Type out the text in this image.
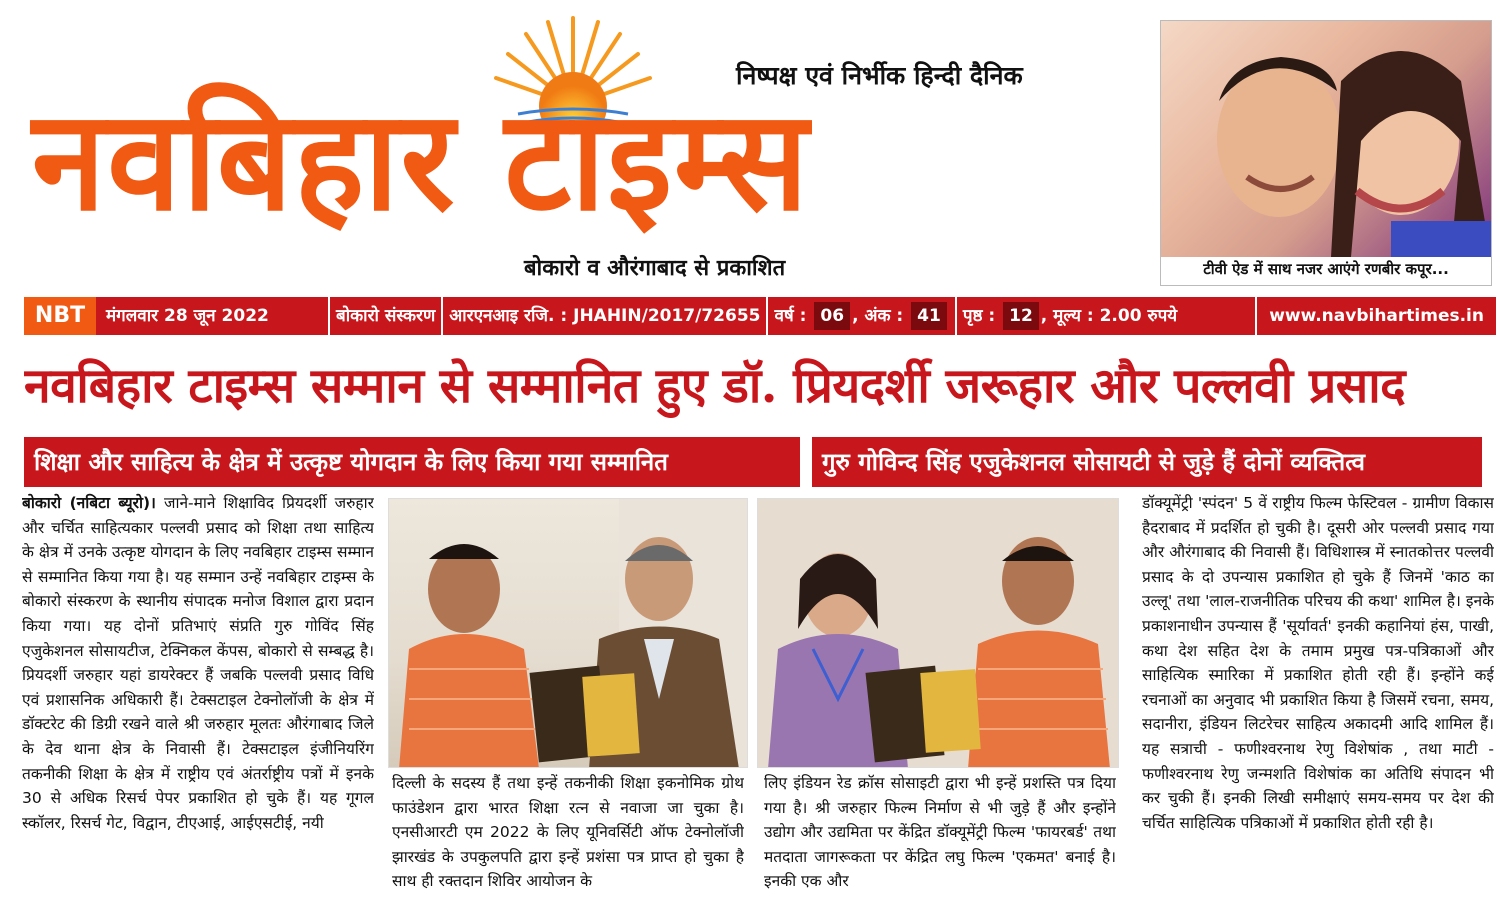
निष्पक्ष एवं निर्भीक हिन्दी दैनिक
नवबिहार टाइम्स
बोकारो व औरंगाबाद से प्रकाशित	टीवी ऐड में साथ नजर आएंगे रणबीर कपूर...
NBT	मंगलवार 28 जून 2022	बोकारो संस्करण आरएनआइ रजि. : JHAHIN/2017/72655 वर्ष : 06 , अंक : 41	पृष्ठ : 12 , मूल्य : 2.00 रुपये	www.navbihartimes.in
नवबिहार टाइम्स सम्मान से सम्मानित हुए डॉ. प्रियदर्शी जरूहार और पल्लवी प्रसाद
शिक्षा और साहित्य के क्षेत्र में उत्कृष्ट योगदान के लिए किया गया सम्मानित	गुरु गोविन्द सिंह एजुकेशनल सोसायटी से जुड़े हैं दोनों व्यक्तित्व
बोकारो (नबिटा ब्यूरो)। जाने-माने शिक्षाविद प्रियदर्शी जरुहार और चर्चित साहित्यकार पल्लवी प्रसाद को शिक्षा तथा साहित्य के क्षेत्र में उनके उत्कृष्ट योगदान के लिए नवबिहार टाइम्स सम्मान से सम्मानित किया गया है। यह सम्मान उन्हें नवबिहार टाइम्स के बोकारो संस्करण के स्थानीय संपादक मनोज विशाल द्वारा प्रदान किया गया। यह दोनों प्रतिभाएं संप्रति गुरु गोविंद सिंह एजुकेशनल सोसायटीज, टेक्निकल केंपस, बोकारो से सम्बद्ध है। प्रियदर्शी जरुहार यहां डायरेक्टर हैं जबकि पल्लवी प्रसाद विधि एवं प्रशासनिक अधिकारी हैं। टेक्सटाइल टेक्नोलॉजी के क्षेत्र में डॉक्टरेट की डिग्री रखने वाले श्री जरुहार मूलतः औरंगाबाद जिले के देव थाना क्षेत्र के निवासी हैं। टेक्सटाइल इंजीनियरिंग तकनीकी शिक्षा के क्षेत्र में राष्ट्रीय एवं अंतर्राष्ट्रीय पत्रों में इनके 30 से अधिक रिसर्च पेपर प्रकाशित हो चुके हैं। यह गूगल स्कॉलर, रिसर्च गेट, विद्वान, टीएआई, आईएसटीई, नयी
दिल्ली के सदस्य हैं तथा इन्हें तकनीकी शिक्षा इकनोमिक ग्रोथ फाउंडेशन द्वारा भारत शिक्षा रत्न से नवाजा जा चुका है। एनसीआरटी एम 2022 के लिए यूनिवर्सिटी ऑफ टेक्नोलॉजी झारखंड के उपकुलपति द्वारा इन्हें प्रशंसा पत्र प्राप्त हो चुका है साथ ही रक्तदान शिविर आयोजन के
लिए इंडियन रेड क्रॉस सोसाइटी द्वारा भी इन्हें प्रशस्ति पत्र दिया गया है। श्री जरुहार फिल्म निर्माण से भी जुड़े हैं और इन्होंने उद्योग और उद्यमिता पर केंद्रित डॉक्यूमेंट्री फिल्म 'फायरबर्ड' तथा मतदाता जागरूकता पर केंद्रित लघु फिल्म 'एकमत' बनाई है। इनकी एक और
डॉक्यूमेंट्री 'स्पंदन' 5 वें राष्ट्रीय फिल्म फेस्टिवल - ग्रामीण विकास हैदराबाद में प्रदर्शित हो चुकी है। दूसरी ओर पल्लवी प्रसाद गया और औरंगाबाद की निवासी हैं। विधिशास्त्र में स्नातकोत्तर पल्लवी प्रसाद के दो उपन्यास प्रकाशित हो चुके हैं जिनमें 'काठ का उल्लू' तथा 'लाल-राजनीतिक परिचय की कथा' शामिल है। इनके प्रकाशनाधीन उपन्यास हैं 'सूर्यावर्त' इनकी कहानियां हंस, पाखी, कथा देश सहित देश के तमाम प्रमुख पत्र-पत्रिकाओं और साहित्यिक स्मारिका में प्रकाशित होती रही हैं। इन्होंने कई रचनाओं का अनुवाद भी प्रकाशित किया है जिसमें रचना, समय, सदानीरा, इंडियन लिटरेचर साहित्य अकादमी आदि शामिल हैं। यह सत्राची - फणीश्वरनाथ रेणु विशेषांक , तथा माटी - फणीश्वरनाथ रेणु जन्मशति विशेषांक का अतिथि संपादन भी कर चुकी हैं। इनकी लिखी समीक्षाएं समय-समय पर देश की चर्चित साहित्यिक पत्रिकाओं में प्रकाशित होती रही है।
